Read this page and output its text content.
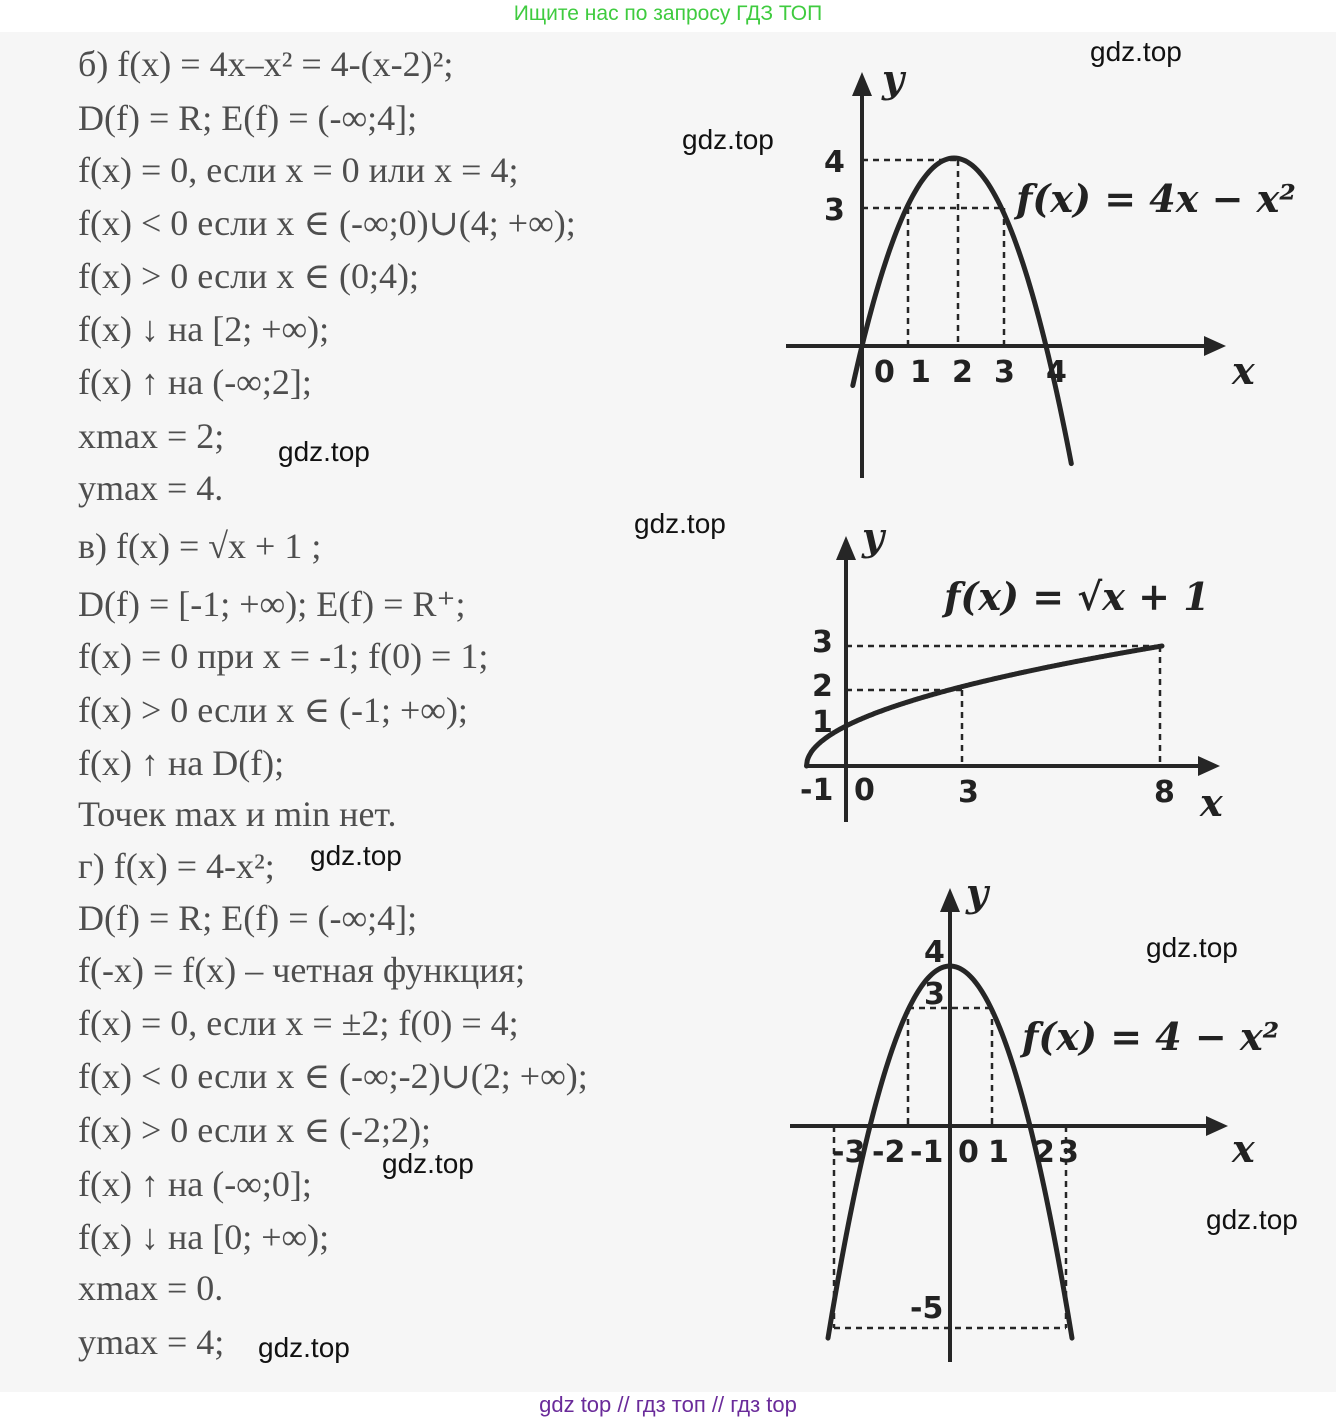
Ищите нас по запросу ГДЗ ТОП
б) f(x) = 4x–x² = 4-(x-2)²;
D(f) = R; E(f) = (-∞;4];
f(x) = 0, если x = 0 или x = 4;
f(x) < 0 если x ∈ (-∞;0)∪(4; +∞);
f(x) > 0 если x ∈ (0;4);
f(x) ↓ на [2; +∞);
f(x) ↑ на (-∞;2];
xmax = 2;
ymax = 4.
в) f(x) = √x + 1 ;
D(f) = [-1; +∞); E(f) = R⁺;
f(x) = 0 при x = -1; f(0) = 1;
f(x) > 0 если x ∈ (-1; +∞);
f(x) ↑ на D(f);
Точек max и min нет.
г) f(x) = 4-x²;
D(f) = R; E(f) = (-∞;4];
f(-x) = f(x) – четная функция;
f(x) = 0, если x = ±2; f(0) = 4;
f(x) < 0 если x ∈ (-∞;-2)∪(2; +∞);
f(x) > 0 если x ∈ (-2;2);
f(x) ↑ на (-∞;0];
f(x) ↓ на [0; +∞);
xmax = 0.
ymax = 4;
gdz.top
gdz.top
gdz.top
gdz.top
gdz.top
gdz.top
gdz.top
gdz.top
gdz.top
y
x
0 1 2 3 4
4
3	f(x) = 4x − x²
y
x
-1 0	3	8
3
2
1
f(x) = √x + 1
y
x
-3 -2 -1 0 1 2 3
4
3
-5
f(x) = 4 − x²
gdz top // гдз топ // гдз top
